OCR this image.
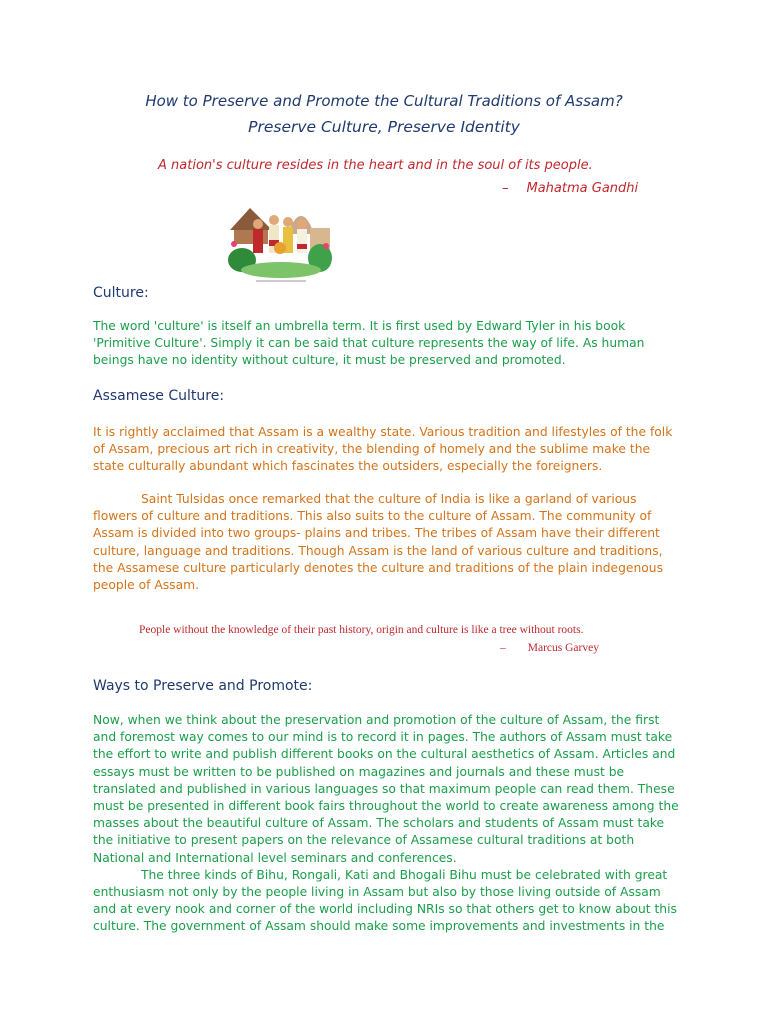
How to Preserve and Promote the Cultural Traditions of Assam?
Preserve Culture, Preserve Identity
A nation's culture resides in the heart and in the soul of its people.
– Mahatma Gandhi
Culture:
The word 'culture' is itself an umbrella term. It is first used by Edward Tyler in his book 'Primitive Culture'. Simply it can be said that culture represents the way of life. As human beings have no identity without culture, it must be preserved and promoted.
Assamese Culture:
It is rightly acclaimed that Assam is a wealthy state. Various tradition and lifestyles of the folk of Assam, precious art rich in creativity, the blending of homely and the sublime make the state culturally abundant which fascinates the outsiders, especially the foreigners.
Saint Tulsidas once remarked that the culture of India is like a garland of various flowers of culture and traditions. This also suits to the culture of Assam. The community of Assam is divided into two groups- plains and tribes. The tribes of Assam have their different culture, language and traditions. Though Assam is the land of various culture and traditions, the Assamese culture particularly denotes the culture and traditions of the plain indegenous people of Assam.
People without the knowledge of their past history, origin and culture is like a tree without roots.
– Marcus Garvey
Ways to Preserve and Promote:
Now, when we think about the preservation and promotion of the culture of Assam, the first and foremost way comes to our mind is to record it in pages. The authors of Assam must take the effort to write and publish different books on the cultural aesthetics of Assam. Articles and essays must be written to be published on magazines and journals and these must be translated and published in various languages so that maximum people can read them. These must be presented in different book fairs throughout the world to create awareness among the masses about the beautiful culture of Assam. The scholars and students of Assam must take the initiative to present papers on the relevance of Assamese cultural traditions at both National and International level seminars and conferences.
The three kinds of Bihu, Rongali, Kati and Bhogali Bihu must be celebrated with great enthusiasm not only by the people living in Assam but also by those living outside of Assam and at every nook and corner of the world including NRIs so that others get to know about this culture. The government of Assam should make some improvements and investments in the
